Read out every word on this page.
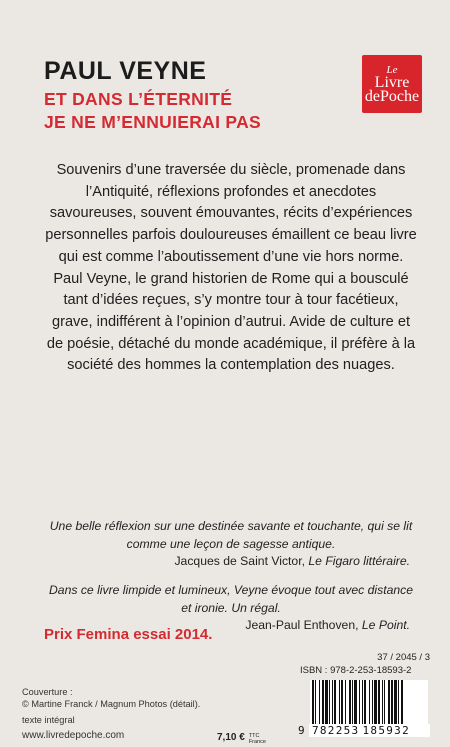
PAUL VEYNE
ET DANS L’ÉTERNITÉ
JE NE M’ENNUIERAI PAS
Le
Livre
dePoche

Souvenirs d’une traversée du siècle, promenade dans l’Antiquité, réflexions profondes et anecdotes savoureuses, souvent émouvantes, récits d’expériences personnelles parfois douloureuses émaillent ce beau livre qui est comme l’aboutissement d’une vie hors norme. Paul Veyne, le grand historien de Rome qui a bousculé tant d’idées reçues, s’y montre tour à tour facétieux, grave, indifférent à l’opinion d’autrui. Avide de culture et de poésie, détaché du monde académique, il préfère à la société des hommes la contemplation des nuages.

Une belle réflexion sur une destinée savante et touchante, qui se lit comme une leçon de sagesse antique.
Jacques de Saint Victor, Le Figaro littéraire.
Dans ce livre limpide et lumineux, Veyne évoque tout avec distance et ironie. Un régal.
Jean-Paul Enthoven, Le Point.
Prix Femina essai 2014.
Couverture :
© Martine Franck / Magnum Photos (détail).
texte intégral
www.livredepoche.com	7,10 € TTC
France
37 / 2045 / 3
ISBN : 978-2-253-18593-2
9 782253 185932
